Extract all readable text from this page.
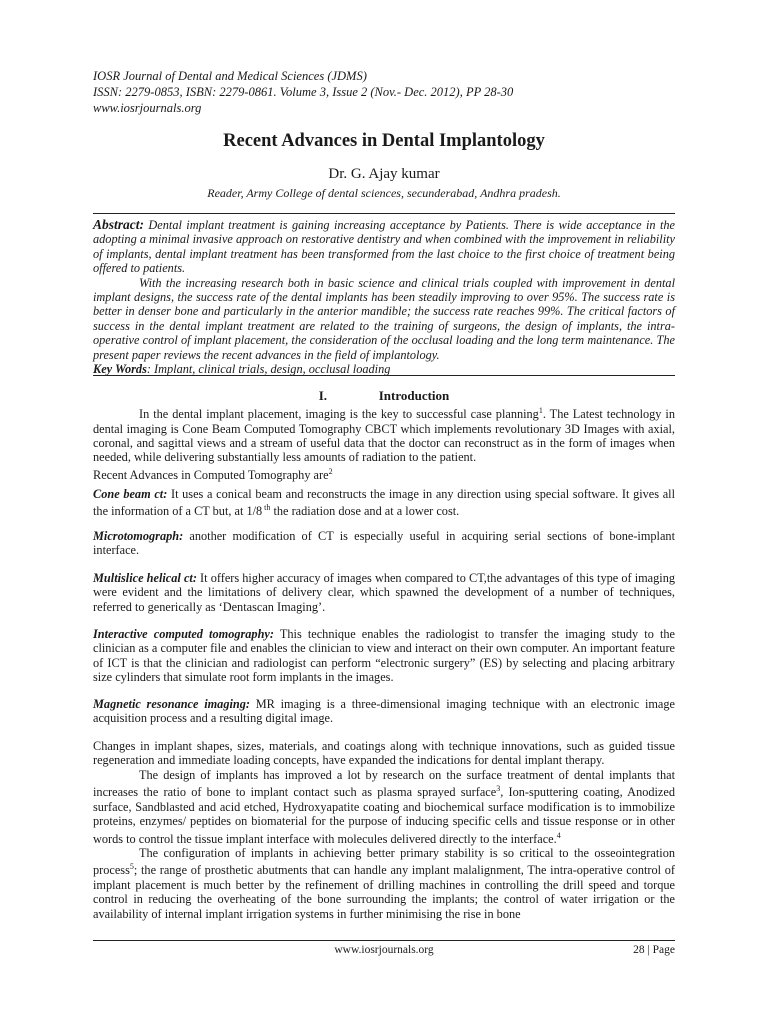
IOSR Journal of Dental and Medical Sciences (JDMS)
ISSN: 2279-0853, ISBN: 2279-0861. Volume 3, Issue 2 (Nov.- Dec. 2012), PP 28-30
www.iosrjournals.org
Recent Advances in Dental Implantology
Dr. G. Ajay kumar
Reader, Army College of dental sciences, secunderabad, Andhra pradesh.

Abstract: Dental implant treatment is gaining increasing acceptance by Patients. There is wide acceptance in the adopting a minimal invasive approach on restorative dentistry and when combined with the improvement in reliability of implants, dental implant treatment has been transformed from the last choice to the first choice of treatment being offered to patients.

With the increasing research both in basic science and clinical trials coupled with improvement in dental implant designs, the success rate of the dental implants has been steadily improving to over 95%. The success rate is better in denser bone and particularly in the anterior mandible; the success rate reaches 99%. The critical factors of success in the dental implant treatment are related to the training of surgeons, the design of implants, the intra-operative control of implant placement, the consideration of the occlusal loading and the long term maintenance. The present paper reviews the recent advances in the field of implantology.

Key Words: Implant, clinical trials, design, occlusal loading

I.	Introduction

In the dental implant placement, imaging is the key to successful case planning$^1$. The Latest technology in dental imaging is Cone Beam Computed Tomography CBCT which implements revolutionary 3D Images with axial, coronal, and sagittal views and a stream of useful data that the doctor can reconstruct as in the form of images when needed, while delivering substantially less amounts of radiation to the patient.

Recent Advances in Computed Tomography are$^2$

Cone beam ct: It uses a conical beam and reconstructs the image in any direction using special software. It gives all the information of a CT but, at 1/8 $^{th}$ the radiation dose and at a lower cost.

Microtomograph: another modification of CT is especially useful in acquiring serial sections of bone-implant interface.

Multislice helical ct: It offers higher accuracy of images when compared to CT,the advantages of this type of imaging were evident and the limitations of delivery clear, which spawned the development of a number of techniques, referred to generically as ‘Dentascan Imaging’.

Interactive computed tomography: This technique enables the radiologist to transfer the imaging study to the clinician as a computer file and enables the clinician to view and interact on their own computer. An important feature of ICT is that the clinician and radiologist can perform “electronic surgery” (ES) by selecting and placing arbitrary size cylinders that simulate root form implants in the images.

Magnetic resonance imaging: MR imaging is a three-dimensional imaging technique with an electronic image acquisition process and a resulting digital image.

Changes in implant shapes, sizes, materials, and coatings along with technique innovations, such as guided tissue regeneration and immediate loading concepts, have expanded the indications for dental implant therapy.

The design of implants has improved a lot by research on the surface treatment of dental implants that increases the ratio of bone to implant contact such as plasma sprayed surface$^3$, Ion-sputtering coating, Anodized surface, Sandblasted and acid etched, Hydroxyapatite coating and biochemical surface modification is to immobilize proteins, enzymes/ peptides on biomaterial for the purpose of inducing specific cells and tissue response or in other words to control the tissue implant interface with molecules delivered directly to the interface.$^4$

The configuration of implants in achieving better primary stability is so critical to the osseointegration process$^5$; the range of prosthetic abutments that can handle any implant malalignment, The intra-operative control of implant placement is much better by the refinement of drilling machines in controlling the drill speed and torque control in reducing the overheating of the bone surrounding the implants; the control of water irrigation or the availability of internal implant irrigation systems in further minimising the rise in bone

www.iosrjournals.org	28 | Page
